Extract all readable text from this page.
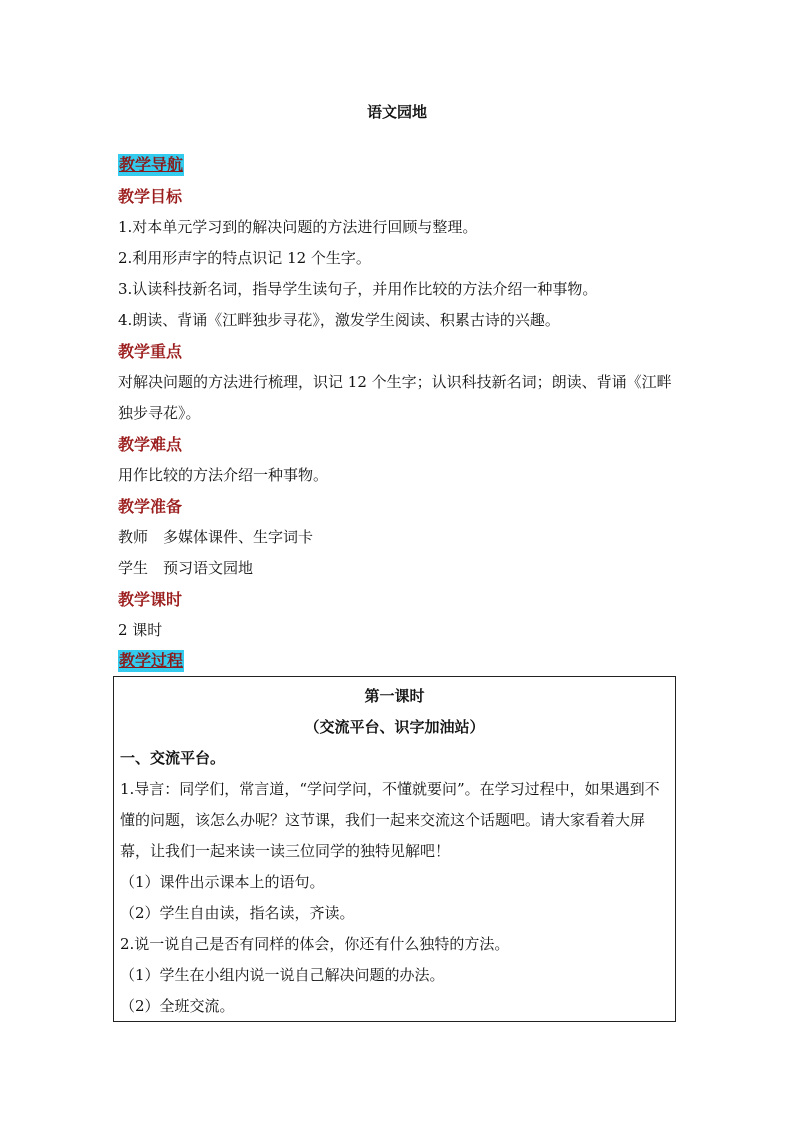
语文园地
教学导航
教学目标
1.对本单元学习到的解决问题的方法进行回顾与整理。
2.利用形声字的特点识记 12 个生字。
3.认读科技新名词，指导学生读句子，并用作比较的方法介绍一种事物。
4.朗读、背诵《江畔独步寻花》，激发学生阅读、积累古诗的兴趣。
教学重点
对解决问题的方法进行梳理，识记 12 个生字；认识科技新名词；朗读、背诵《江畔独步寻花》。
教学难点
用作比较的方法介绍一种事物。
教学准备
教师　多媒体课件、生字词卡
学生　预习语文园地
教学课时
2 课时
教学过程
第一课时
（交流平台、识字加油站）
一、交流平台。
1.导言：同学们，常言道，“学问学问，不懂就要问”。在学习过程中，如果遇到不懂的问题，该怎么办呢？这节课，我们一起来交流这个话题吧。请大家看着大屏幕，让我们一起来读一读三位同学的独特见解吧！
（1）课件出示课本上的语句。
（2）学生自由读，指名读，齐读。
2.说一说自己是否有同样的体会，你还有什么独特的方法。
（1）学生在小组内说一说自己解决问题的办法。
（2）全班交流。
